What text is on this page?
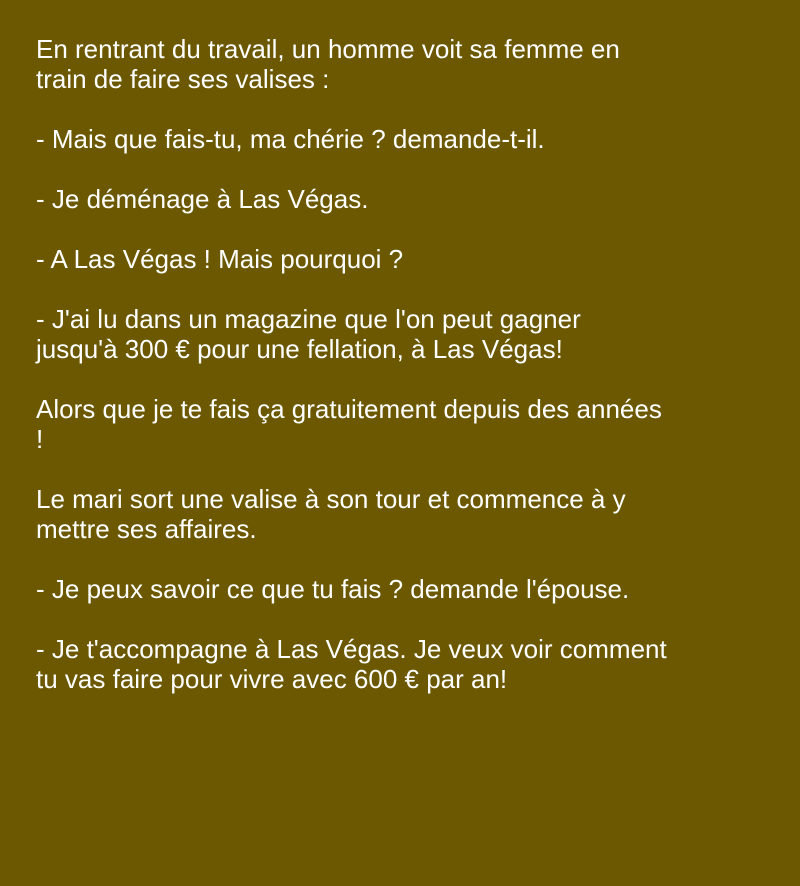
En rentrant du travail, un homme voit sa femme en
train de faire ses valises :

- Mais que fais-tu, ma chérie ? demande-t-il.

- Je déménage à Las Végas.

- A Las Végas ! Mais pourquoi ?

- J'ai lu dans un magazine que l'on peut gagner
jusqu'à 300 € pour une fellation, à Las Végas!

Alors que je te fais ça gratuitement depuis des années
!

Le mari sort une valise à son tour et commence à y
mettre ses affaires.

- Je peux savoir ce que tu fais ? demande l'épouse.

- Je t'accompagne à Las Végas. Je veux voir comment
tu vas faire pour vivre avec 600 € par an!
